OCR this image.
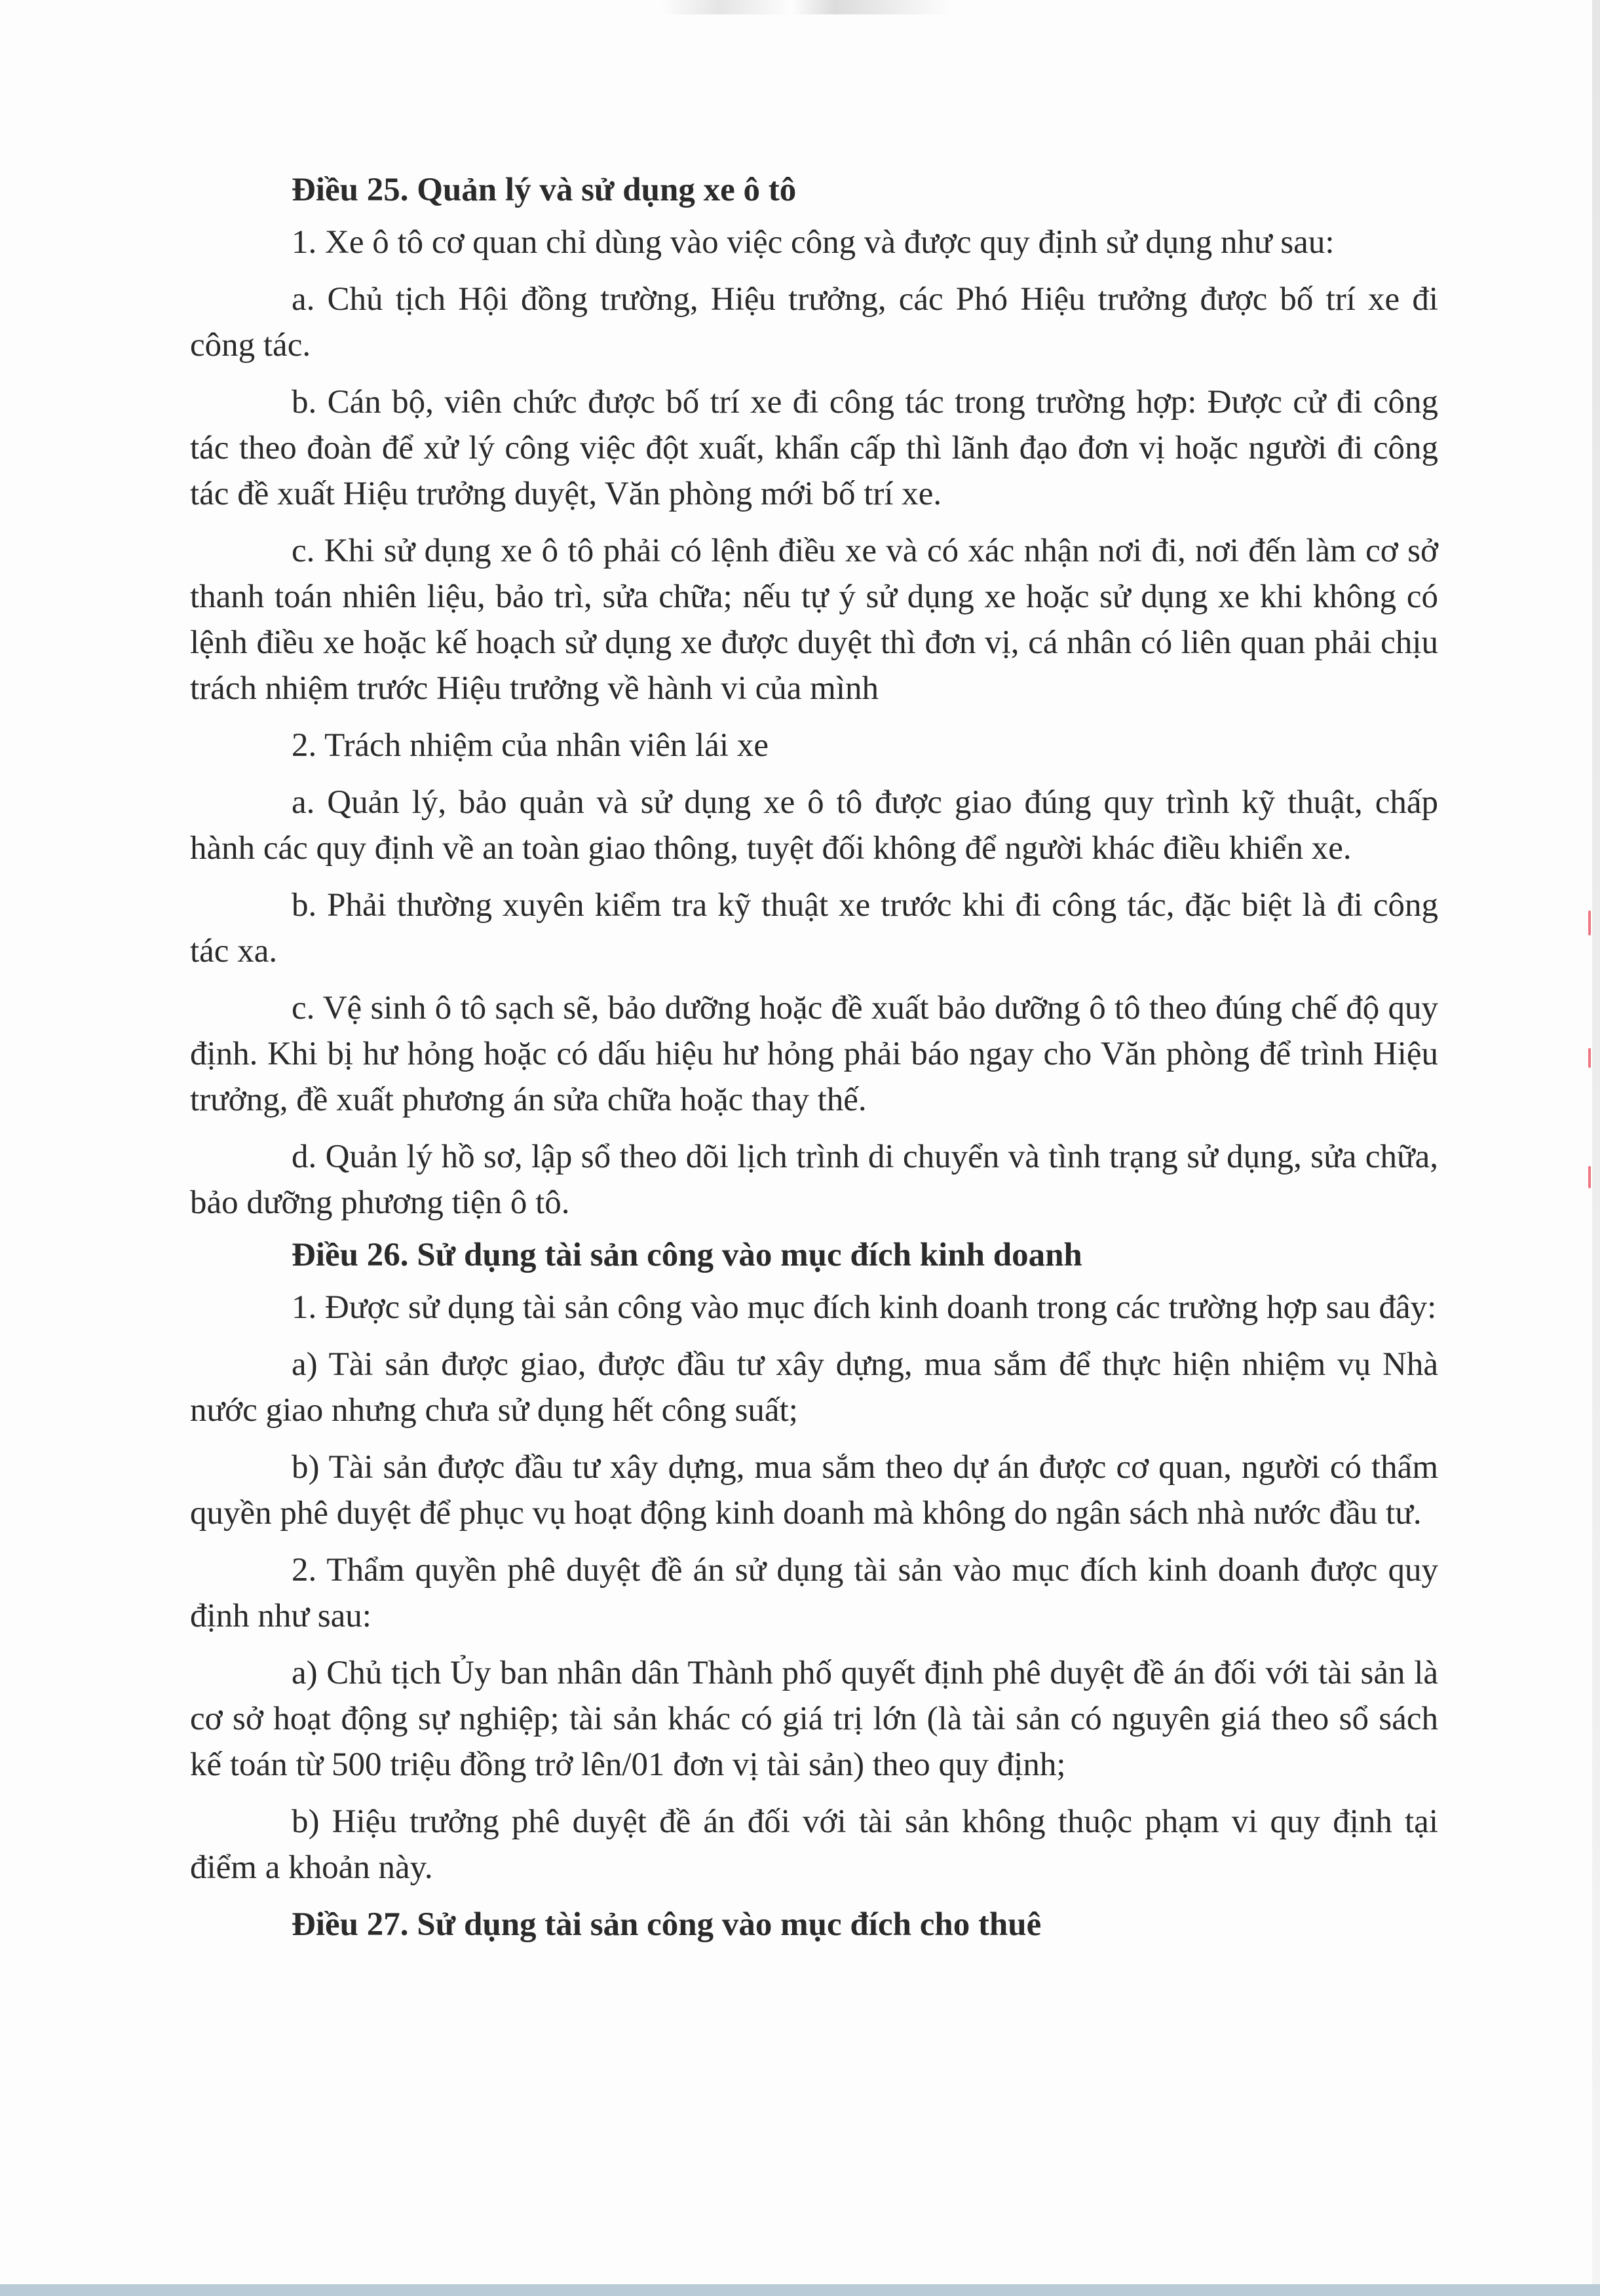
Điều 25. Quản lý và sử dụng xe ô tô

1. Xe ô tô cơ quan chỉ dùng vào việc công và được quy định sử dụng như sau:

a. Chủ tịch Hội đồng trường, Hiệu trưởng, các Phó Hiệu trưởng được bố trí xe đi công tác.

b. Cán bộ, viên chức được bố trí xe đi công tác trong trường hợp: Được cử đi công tác theo đoàn để xử lý công việc đột xuất, khẩn cấp thì lãnh đạo đơn vị hoặc người đi công tác đề xuất Hiệu trưởng duyệt, Văn phòng mới bố trí xe.

c. Khi sử dụng xe ô tô phải có lệnh điều xe và có xác nhận nơi đi, nơi đến làm cơ sở thanh toán nhiên liệu, bảo trì, sửa chữa; nếu tự ý sử dụng xe hoặc sử dụng xe khi không có lệnh điều xe hoặc kế hoạch sử dụng xe được duyệt thì đơn vị, cá nhân có liên quan phải chịu trách nhiệm trước Hiệu trưởng về hành vi của mình

2. Trách nhiệm của nhân viên lái xe

a. Quản lý, bảo quản và sử dụng xe ô tô được giao đúng quy trình kỹ thuật, chấp hành các quy định về an toàn giao thông, tuyệt đối không để người khác điều khiển xe.

b. Phải thường xuyên kiểm tra kỹ thuật xe trước khi đi công tác, đặc biệt là đi công tác xa.

c. Vệ sinh ô tô sạch sẽ, bảo dưỡng hoặc đề xuất bảo dưỡng ô tô theo đúng chế độ quy định. Khi bị hư hỏng hoặc có dấu hiệu hư hỏng phải báo ngay cho Văn phòng để trình Hiệu trưởng, đề xuất phương án sửa chữa hoặc thay thế.

d. Quản lý hồ sơ, lập sổ theo dõi lịch trình di chuyển và tình trạng sử dụng, sửa chữa, bảo dưỡng phương tiện ô tô.

Điều 26. Sử dụng tài sản công vào mục đích kinh doanh

1. Được sử dụng tài sản công vào mục đích kinh doanh trong các trường hợp sau đây:

a) Tài sản được giao, được đầu tư xây dựng, mua sắm để thực hiện nhiệm vụ Nhà nước giao nhưng chưa sử dụng hết công suất;

b) Tài sản được đầu tư xây dựng, mua sắm theo dự án được cơ quan, người có thẩm quyền phê duyệt để phục vụ hoạt động kinh doanh mà không do ngân sách nhà nước đầu tư.

2. Thẩm quyền phê duyệt đề án sử dụng tài sản vào mục đích kinh doanh được quy định như sau:

a) Chủ tịch Ủy ban nhân dân Thành phố quyết định phê duyệt đề án đối với tài sản là cơ sở hoạt động sự nghiệp; tài sản khác có giá trị lớn (là tài sản có nguyên giá theo sổ sách kế toán từ 500 triệu đồng trở lên/01 đơn vị tài sản) theo quy định;

b) Hiệu trưởng phê duyệt đề án đối với tài sản không thuộc phạm vi quy định tại điểm a khoản này.

Điều 27. Sử dụng tài sản công vào mục đích cho thuê
